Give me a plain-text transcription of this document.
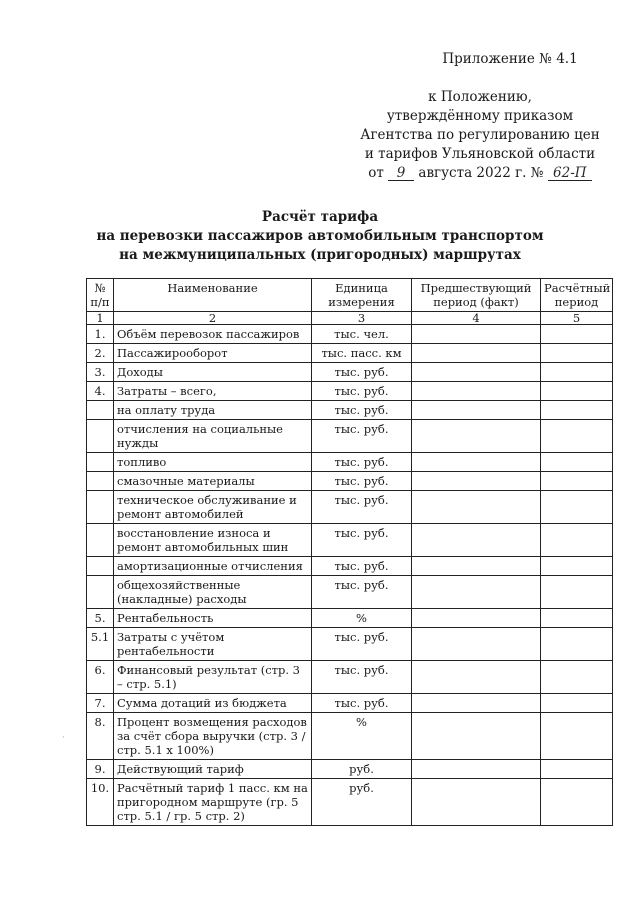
Приложение № 4.1
к Положению,
утверждённому приказом
Агентства по регулированию цен
и тарифов Ульяновской области
от 9 августа 2022 г. № 62-П
Расчёт тарифа
на перевозки пассажиров автомобильным транспортом
на межмуниципальных (пригородных) маршрутах
№ п/п	Наименование	Единица измерения	Предшествующий период (факт)	Расчётный период
1	2	3	4	5
1.	Объём перевозок пассажиров	тыс. чел.		
2.	Пассажирооборот	тыс. пасс. км		
3.	Доходы	тыс. руб.		
4.	Затраты – всего,	тыс. руб.		
	на оплату труда	тыс. руб.		
	отчисления на социальные нужды	тыс. руб.		
	топливо	тыс. руб.		
	смазочные материалы	тыс. руб.		
	техническое обслуживание и ремонт автомобилей	тыс. руб.		
	восстановление износа и ремонт автомобильных шин	тыс. руб.		
	амортизационные отчисления	тыс. руб.		
	общехозяйственные (накладные) расходы	тыс. руб.		
5.	Рентабельность	%		
5.1	Затраты с учётом рентабельности	тыс. руб.		
6.	Финансовый результат (стр. 3 – стр. 5.1)	тыс. руб.		
7.	Сумма дотаций из бюджета	тыс. руб.		
8.	Процент возмещения расходов за счёт сбора выручки (стр. 3 / стр. 5.1 х 100%)	%		
9.	Действующий тариф	руб.		
10.	Расчётный тариф 1 пасс. км на пригородном маршруте (гр. 5 стр. 5.1 / гр. 5 стр. 2)	руб.		
·
